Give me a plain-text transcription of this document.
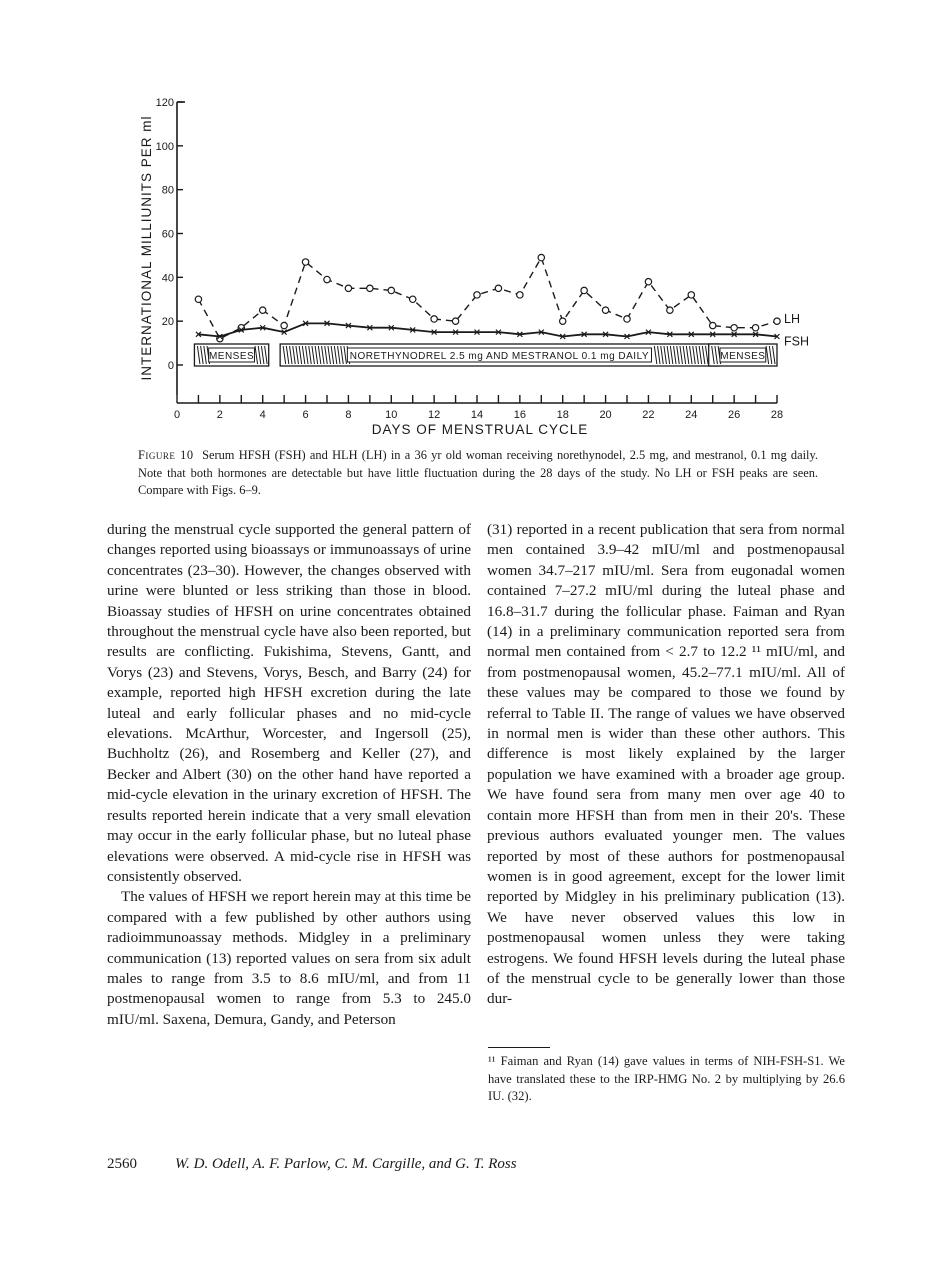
0
20
40
60
80
100
120
0	2	4	6	8	10	12	14	16	18	20	22	24	26	28
MENSES	NORETHYNODREL 2.5 mg AND MESTRANOL 0.1 mg DAILY	MENSES
LH
FSH
INTERNATIONAL MILLIUNITS PER ml
DAYS OF MENSTRUAL CYCLE
Figure 10 Serum HFSH (FSH) and HLH (LH) in a 36 yr old woman receiving norethynodel, 2.5 mg, and mestranol, 0.1 mg daily. Note that both hormones are detectable but have little fluctuation during the 28 days of the study. No LH or FSH peaks are seen. Compare with Figs. 6–9.

during the menstrual cycle supported the general pattern of changes reported using bioassays or immunoassays of urine concentrates (23–30). However, the changes observed with urine were blunted or less striking than those in blood. Bioassay studies of HFSH on urine concentrates obtained throughout the menstrual cycle have also been reported, but results are conflicting. Fukishima, Stevens, Gantt, and Vorys (23) and Stevens, Vorys, Besch, and Barry (24) for example, reported high HFSH excretion during the late luteal and early follicular phases and no mid-cycle elevations. McArthur, Worcester, and Ingersoll (25), Buchholtz (26), and Rosemberg and Keller (27), and Becker and Albert (30) on the other hand have reported a mid-cycle elevation in the urinary excretion of HFSH. The results reported herein indicate that a very small elevation may occur in the early follicular phase, but no luteal phase elevations were observed. A mid-cycle rise in HFSH was consistently observed.

The values of HFSH we report herein may at this time be compared with a few published by other authors using radioimmunoassay methods. Midgley in a preliminary communication (13) reported values on sera from six adult males to range from 3.5 to 8.6 mIU/ml, and from 11 postmenopausal women to range from 5.3 to 245.0 mIU/ml. Saxena, Demura, Gandy, and Peterson

(31) reported in a recent publication that sera from normal men contained 3.9–42 mIU/ml and postmenopausal women 34.7–217 mIU/ml. Sera from eugonadal women contained 7–27.2 mIU/ml during the luteal phase and 16.8–31.7 during the follicular phase. Faiman and Ryan (14) in a preliminary communication reported sera from normal men contained from < 2.7 to 12.2 ¹¹ mIU/ml, and from postmenopausal women, 45.2–77.1 mIU/ml. All of these values may be compared to those we found by referral to Table II. The range of values we have observed in normal men is wider than these other authors. This difference is most likely explained by the larger population we have examined with a broader age group. We have found sera from many men over age 40 to contain more HFSH than from men in their 20's. These previous authors evaluated younger men. The values reported by most of these authors for postmenopausal women is in good agreement, except for the lower limit reported by Midgley in his preliminary publication (13). We have never observed values this low in postmenopausal women unless they were taking estrogens. We found HFSH levels during the luteal phase of the menstrual cycle to be generally lower than those dur-

¹¹ Faiman and Ryan (14) gave values in terms of NIH-FSH-S1. We have translated these to the IRP-HMG No. 2 by multiplying by 26.6 IU. (32).
2560	W. D. Odell, A. F. Parlow, C. M. Cargille, and G. T. Ross
